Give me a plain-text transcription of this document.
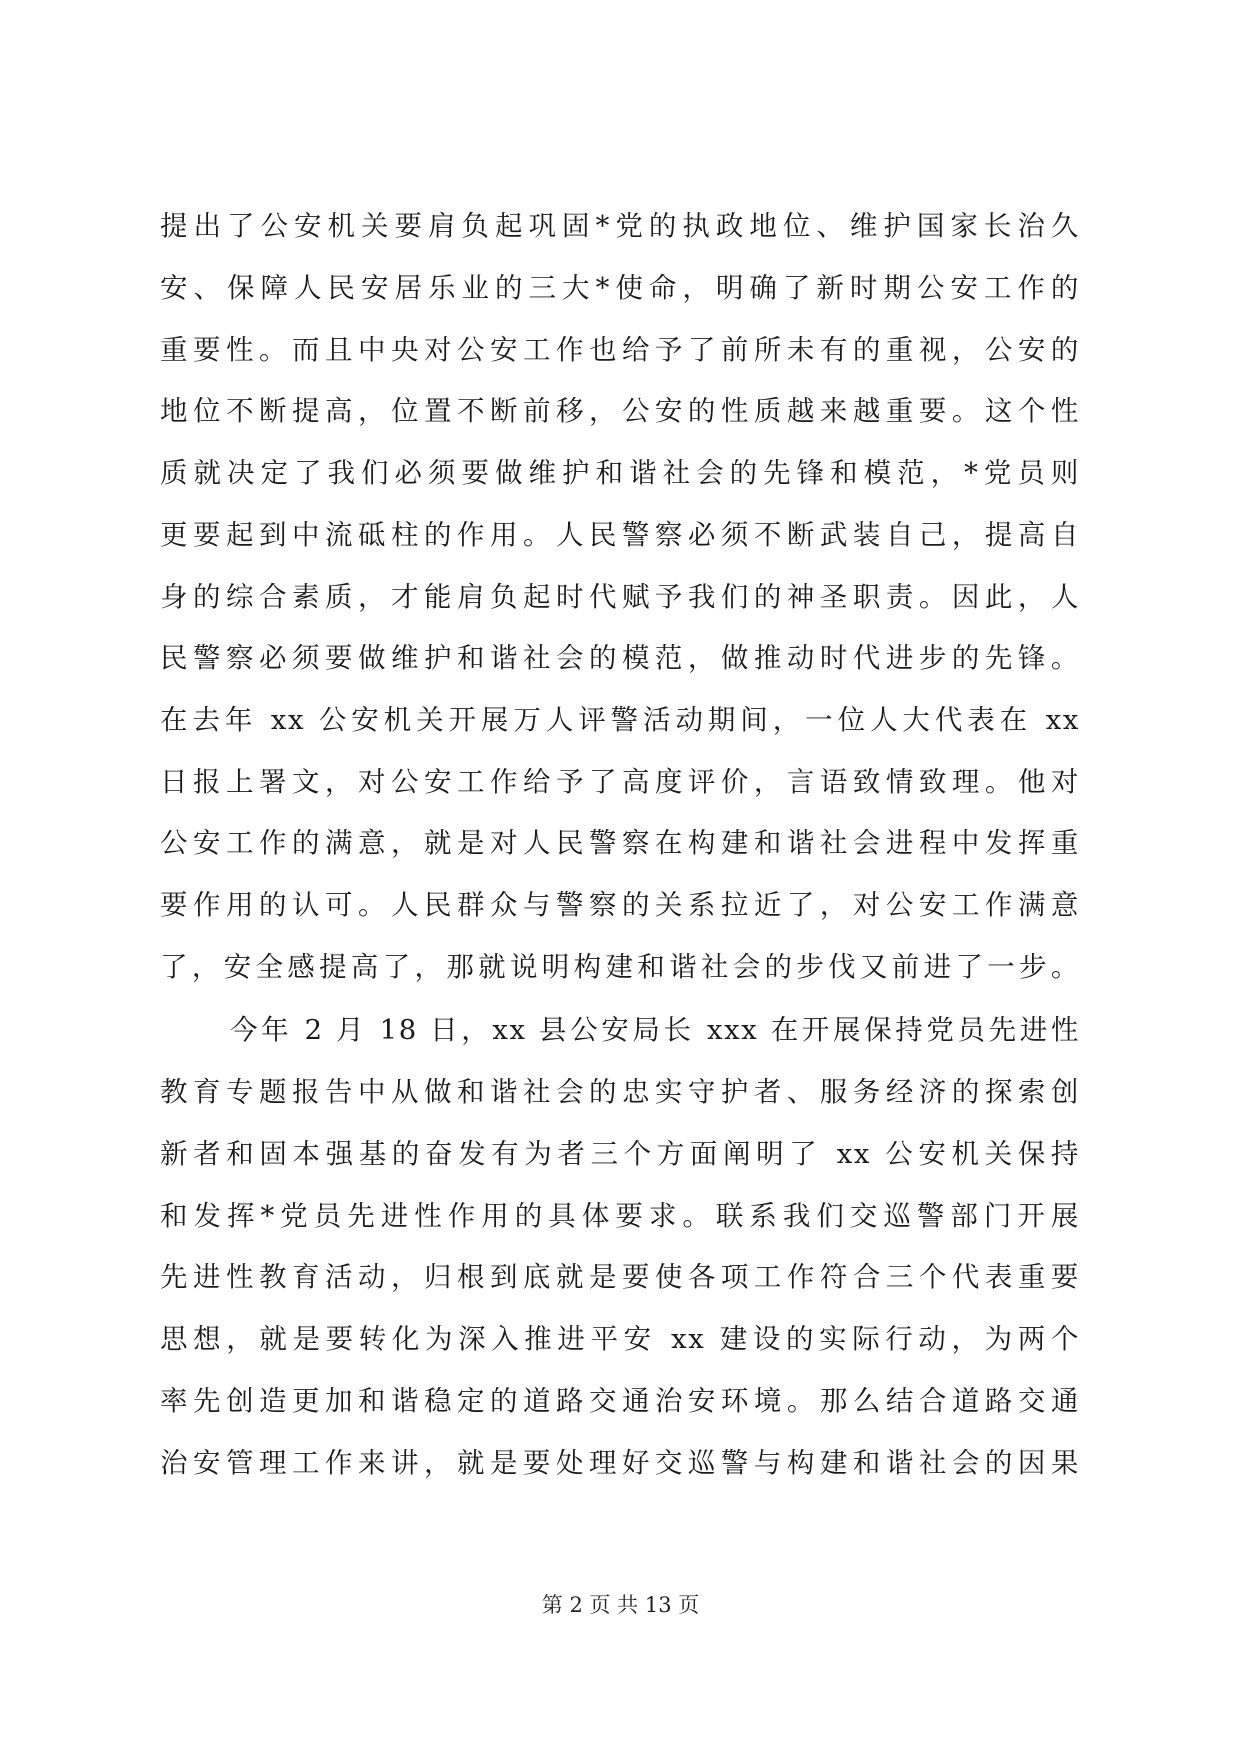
提出了公安机关要肩负起巩固*党的执政地位、维护国家长治久
安、保障人民安居乐业的三大*使命，明确了新时期公安工作的
重要性。而且中央对公安工作也给予了前所未有的重视，公安的
地位不断提高，位置不断前移，公安的性质越来越重要。这个性
质就决定了我们必须要做维护和谐社会的先锋和模范，*党员则
更要起到中流砥柱的作用。人民警察必须不断武装自己，提高自
身的综合素质，才能肩负起时代赋予我们的神圣职责。因此，人
民警察必须要做维护和谐社会的模范，做推动时代进步的先锋。
在去年 xx 公安机关开展万人评警活动期间，一位人大代表在 xx
日报上署文，对公安工作给予了高度评价，言语致情致理。他对
公安工作的满意，就是对人民警察在构建和谐社会进程中发挥重
要作用的认可。人民群众与警察的关系拉近了，对公安工作满意
了，安全感提高了，那就说明构建和谐社会的步伐又前进了一步。
今年 2 月 18 日，xx 县公安局长 xxx 在开展保持党员先进性
教育专题报告中从做和谐社会的忠实守护者、服务经济的探索创
新者和固本强基的奋发有为者三个方面阐明了 xx 公安机关保持
和发挥*党员先进性作用的具体要求。联系我们交巡警部门开展
先进性教育活动，归根到底就是要使各项工作符合三个代表重要
思想，就是要转化为深入推进平安 xx 建设的实际行动，为两个
率先创造更加和谐稳定的道路交通治安环境。那么结合道路交通
治安管理工作来讲，就是要处理好交巡警与构建和谐社会的因果
第 2 页 共 13 页
